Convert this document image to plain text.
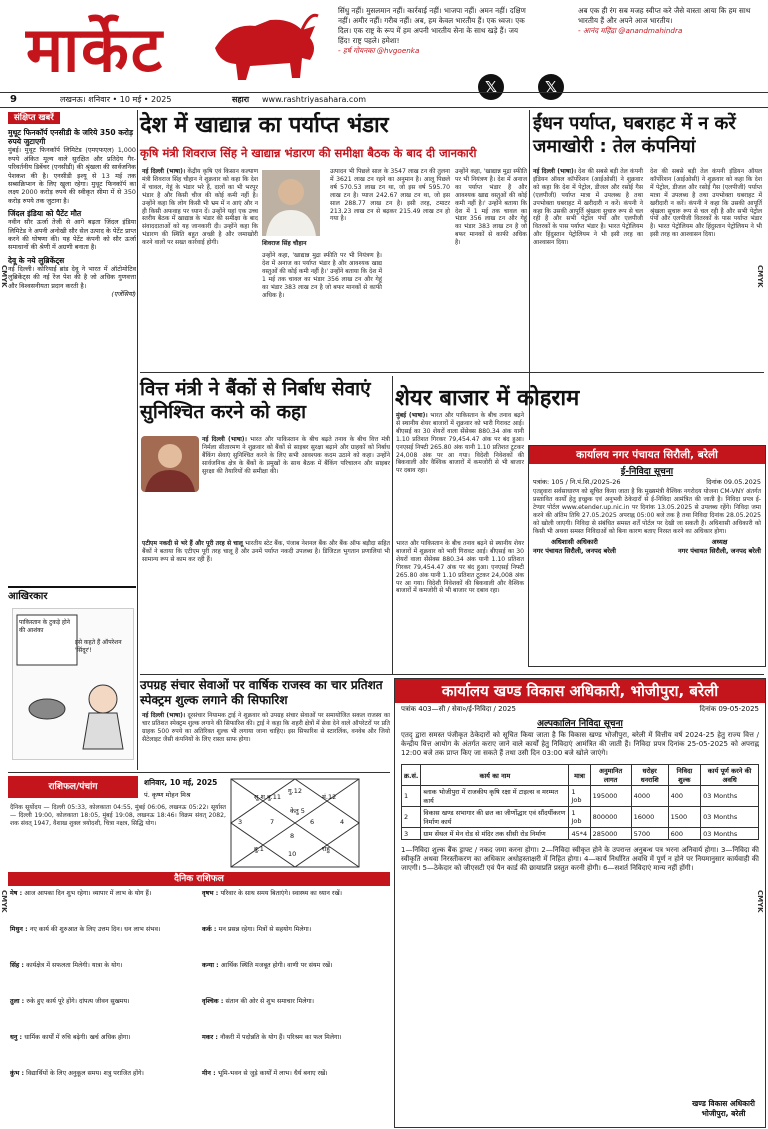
मार्केट
सिंधु नहीं। मुसलमान नहीं। कार्रवाई नहीं। भाजपा नहीं। अमन नहीं। दक्षिण नहीं। अमीर नहीं। गरीब नहीं। अब, हम केवल भारतीय हैं। एक ध्वज। एक दिल। एक राष्ट्र के रूप में हम अपनी भारतीय सेना के साथ खड़े हैं। जय हिंद! राष्ट्र पहले। हमेशा!
- हर्ष गोयनका @hvgoenka
𝕏	𝕏
अब एक ही रंग सब मजह स्वीप्त करे जैसे वास्ता आया कि हम साथ भारतीय हैं और अपने आज भारतीय।
- आनंद महिंद्रा @anandmahindra
9	लखनऊ। शनिवार • 10 मई • 2025	सहारा www.rashtriyasahara.com
संक्षिप्त खबरें
मुथूट फिनकॉर्प एनसीडी के जरिये 350 करोड़ रुपये जुटाएगी
मुंबई। मुथूट फिनकॉर्प लिमिटेड (एमएफएल) 1,000 रुपये अंकित मूल्य वाले सुरक्षित और प्रतिदेय गैर-परिवर्तनीय डिबेंचर (एनसीडी) की श्रृंखला की सार्वजनिक पेशकश की है। एनसीडी इश्यू से 13 मई तक सब्सक्रिप्शन के लिए खुला रहेगा। मुथूट फिनकॉर्प का लक्ष्य 2000 करोड़ रुपये की स्वीकृत सीमा में से 350 करोड़ रुपये तक जुटाना है।
जिंदल इंडिया को पैटेंट मौत
नवीन सौर ऊर्जा तेजी से आगे बढ़ता जिंदल इंडिया लिमिटेड ने अपनी अनोखी सौर सेल उत्पाद के पेटेंट प्राप्त करने की घोषणा की। यह पेटेंट कंपनी को सौर ऊर्जा समाधानों की श्रेणी में अग्रणी बनाता है।
देवू के नये लुब्रिकेंट्स
नई दिल्ली। कोरियाई ब्रांड देवू ने भारत में ऑटोमोटिव लुब्रिकेंट्स की नई रेंज पेश की है जो अधिक गुणवत्ता और विश्वसनीयता प्रदान करती है।
(एजेंसियां)
आखिरकार
पाकिस्तान के टुकड़े होने की आशंका
इसे कहते हैं ऑपरेशन 'सिंदूर'!
देश में खाद्यान्न का पर्याप्त भंडार
कृषि मंत्री शिवराज सिंह ने खाद्यान्न भंडारण की समीक्षा बैठक के बाद दी जानकारी
नई दिल्ली (भाषा)। केंद्रीय कृषि एवं किसान कल्याण मंत्री शिवराज सिंह चौहान ने शुक्रवार को कहा कि देश में चावल, गेहूं के भंडार भरे हैं, दालों का भी भरपूर भंडार है और किसी चीज की कोई कमी नहीं है। उन्होंने कहा कि लोग किसी भी भ्रम में न आएं और न ही किसी अफवाह पर ध्यान दें। उन्होंने यहां एक उच्च स्तरीय बैठक में खाद्यान्न के भंडार की समीक्षा के बाद संवाददाताओं को यह जानकारी दी। उन्होंने कहा कि भंडारण की स्थिति बहुत अच्छी है और जमाखोरी करने वालों पर सख्त कार्रवाई होगी।	शिवराज सिंह चौहान
उन्होंने कहा, 'खाद्यान्न मुद्रा स्फीति पर भी नियंत्रण है। देश में अनाज का पर्याप्त भंडार है और आवश्यक खाद्य वस्तुओं की कोई कमी नहीं है।' उन्होंने बताया कि देश में 1 मई तक चावल का भंडार 356 लाख टन और गेहूं का भंडार 383 लाख टन है जो बफर मानकों से काफी अधिक है।
उत्पादन भी पिछले साल के 3547 लाख टन की तुलना में 3621 लाख टन रहने का अनुमान है। आलू पिछले वर्ष 570.53 लाख टन था, जो इस वर्ष 595.70 लाख टन है। प्याज 242.67 लाख टन था, जो इस साल 288.77 लाख टन है। इसी तरह, टमाटर 213.23 लाख टन से बढ़कर 215.49 लाख टन हो गया है।
उन्होंने कहा, 'खाद्यान्न मुद्रा स्फीति पर भी नियंत्रण है। देश में अनाज का पर्याप्त भंडार है और आवश्यक खाद्य वस्तुओं की कोई कमी नहीं है।' उन्होंने बताया कि देश में 1 मई तक चावल का भंडार 356 लाख टन और गेहूं का भंडार 383 लाख टन है जो बफर मानकों से काफी अधिक है।
ईंधन पर्याप्त, घबराहट में न करें जमाखोरी : तेल कंपनियां
नई दिल्ली (भाषा)। देश की सबसे बड़ी तेल कंपनी इंडियन ऑयल कॉर्पोरेशन (आईओसी) ने शुक्रवार को कहा कि देश में पेट्रोल, डीजल और रसोई गैस (एलपीजी) पर्याप्त मात्रा में उपलब्ध है तथा उपभोक्ता घबराहट में खरीदारी न करें। कंपनी ने कहा कि उसकी आपूर्ति श्रृंखला सुचारु रूप से चल रही है और सभी पेट्रोल पंपों और एलपीजी वितरकों के पास पर्याप्त भंडार है। भारत पेट्रोलियम और हिंदुस्तान पेट्रोलियम ने भी इसी तरह का आश्वासन दिया।
देश की सबसे बड़ी तेल कंपनी इंडियन ऑयल कॉर्पोरेशन (आईओसी) ने शुक्रवार को कहा कि देश में पेट्रोल, डीजल और रसोई गैस (एलपीजी) पर्याप्त मात्रा में उपलब्ध है तथा उपभोक्ता घबराहट में खरीदारी न करें। कंपनी ने कहा कि उसकी आपूर्ति श्रृंखला सुचारु रूप से चल रही है और सभी पेट्रोल पंपों और एलपीजी वितरकों के पास पर्याप्त भंडार है। भारत पेट्रोलियम और हिंदुस्तान पेट्रोलियम ने भी इसी तरह का आश्वासन दिया।
वित्त मंत्री ने बैंकों से निर्बाध सेवाएं सुनिश्चित करने को कहा
नई दिल्ली (भाषा)। भारत और पाकिस्तान के बीच बढ़ते तनाव के बीच वित्त मंत्री निर्मला सीतारमण ने शुक्रवार को बैंकों से साइबर सुरक्षा बढ़ाने और ग्राहकों को निर्बाध बैंकिंग सेवाएं सुनिश्चित करने के लिए सभी आवश्यक कदम उठाने को कहा। उन्होंने सार्वजनिक क्षेत्र के बैंकों के प्रमुखों के साथ बैठक में बैंकिंग परिचालन और साइबर सुरक्षा की तैयारियों की समीक्षा की।
एटीएम नकदी से भरे हैं और पूरी तरह से चालू भारतीय स्टेट बैंक, पंजाब नेशनल बैंक और बैंक ऑफ बड़ौदा सहित बैंकों ने बताया कि एटीएम पूरी तरह चालू हैं और उनमें पर्याप्त नकदी उपलब्ध है। डिजिटल भुगतान प्रणालियां भी सामान्य रूप से काम कर रही हैं।
शेयर बाजार में कोहराम
मुंबई (भाषा)। भारत और पाकिस्तान के बीच तनाव बढ़ने से स्थानीय शेयर बाजारों में शुक्रवार को भारी गिरावट आई। बीएसई का 30 शेयरों वाला सेंसेक्स 880.34 अंक यानी 1.10 प्रतिशत गिरकर 79,454.47 अंक पर बंद हुआ। एनएसई निफ्टी 265.80 अंक यानी 1.10 प्रतिशत टूटकर 24,008 अंक पर आ गया। विदेशी निवेशकों की बिकवाली और वैश्विक बाजारों में कमजोरी से भी बाजार पर दबाव रहा।
भारत और पाकिस्तान के बीच तनाव बढ़ने से स्थानीय शेयर बाजारों में शुक्रवार को भारी गिरावट आई। बीएसई का 30 शेयरों वाला सेंसेक्स 880.34 अंक यानी 1.10 प्रतिशत गिरकर 79,454.47 अंक पर बंद हुआ। एनएसई निफ्टी 265.80 अंक यानी 1.10 प्रतिशत टूटकर 24,008 अंक पर आ गया। विदेशी निवेशकों की बिकवाली और वैश्विक बाजारों में कमजोरी से भी बाजार पर दबाव रहा।
कार्यालय नगर पंचायत सिरौली, बरेली
ई-निविदा सूचना
पत्रांक: 105 / नि.पं.सि./2025-26	दिनांक 09.05.2025
एतद्द्वारा सर्वसाधारण को सूचित किया जाता है कि मुख्यमंत्री वैश्विक नगरोदय योजना CM-VNY अंतर्गत प्रस्तावित कार्यों हेतु इच्छुक एवं अनुभवी ठेकेदारों से ई-निविदा आमंत्रित की जाती है। निविदा प्रपत्र ई-टेण्डर पोर्टल www.etender.up.nic.in पर दिनांक 13.05.2025 से उपलब्ध रहेंगे। निविदा जमा करने की अंतिम तिथि 27.05.2025 अपराह्न 05:00 बजे तक है तथा निविदा दिनांक 28.05.2025 को खोली जाएगी। निविदा से संबंधित समस्त शर्तें पोर्टल पर देखी जा सकती हैं। अधिशासी अधिकारी को किसी भी अथवा समस्त निविदाओं को बिना कारण बताए निरस्त करने का अधिकार होगा।
अधिशासी अधिकारी
नगर पंचायत सिरौली, जनपद बरेली
अध्यक्ष
नगर पंचायत सिरौली, जनपद बरेली
उपग्रह संचार सेवाओं पर वार्षिक राजस्व का चार प्रतिशत स्पेक्ट्रम शुल्क लगाने की सिफारिश
नई दिल्ली (भाषा)। दूरसंचार नियामक ट्राई ने शुक्रवार को उपग्रह संचार सेवाओं पर समायोजित सकल राजस्व का चार प्रतिशत स्पेक्ट्रम शुल्क लगाने की सिफारिश की। ट्राई ने कहा कि शहरी क्षेत्रों में सेवा देने वाले ऑपरेटरों पर प्रति ग्राहक 500 रुपये का अतिरिक्त शुल्क भी लगाया जाना चाहिए। इस सिफारिश से स्टारलिंक, वनवेब और जियो सैटेलाइट जैसी कंपनियों के लिए रास्ता साफ होगा।
कार्यालय खण्ड विकास अधिकारी, भोजीपुरा, बरेली
पत्रांक 403—सी / सेवा०/ई-निविदा / 2025	दिनांक 09-05-2025
अल्पकालिन निविदा सूचना
एतद् द्वारा समस्त पंजीकृत ठेकेदारों को सूचित किया जाता है कि विकास खण्ड भोजीपुरा, बरेली में वित्तीय वर्ष 2024-25 हेतु राज्य वित्त / केन्द्रीय वित्त आयोग के अंतर्गत कराए जाने वाले कार्यों हेतु निविदाएं आमंत्रित की जाती हैं। निविदा प्रपत्र दिनांक 25-05-2025 को अपराह्न 12:00 बजे तक प्राप्त किए जा सकते हैं तथा उसी दिन 03:00 बजे खोले जाएंगे।
क्र.सं.	कार्य का नाम	मात्रा	अनुमानित लागत	धरोहर धनराशि	निविदा शुल्क	कार्य पूर्ण करने की अवधि
1	ब्लाक भोजीपुरा में राजकीय कृषि रक्षा में टाइल्स व मरम्मत कार्य	1 Job	195000	4000	400	03 Months
2	विकास खण्ड सभागार की छत का जीर्णोद्धार एवं सौंदर्यीकरण निर्माण कार्य	1 Job	800000	16000	1500	03 Months
3	ग्राम सेंथल में मेन रोड से मंदिर तक सीसी रोड निर्माण	45*4	285000	5700	600	03 Months
1—निविदा शुल्क बैंक ड्राफ्ट / नकद जमा करना होगा। 2—निविदा स्वीकृत होने के उपरान्त अनुबन्ध पत्र भरना अनिवार्य होगा। 3—निविदा की स्वीकृति अथवा निरस्तीकरण का अधिकार अधोहस्ताक्षरी में निहित होगा। 4—कार्य निर्धारित अवधि में पूर्ण न होने पर नियमानुसार कार्यवाही की जाएगी। 5—ठेकेदार को जीएसटी एवं पैन कार्ड की छायाप्रति प्रस्तुत करनी होगी। 6—सशर्त निविदाएं मान्य नहीं होंगी।
खण्ड विकास अधिकारी
भोजीपुरा, बरेली
राशिफल/पंचांग	शनिवार, 10 मई, 2025
पं. कृष्ण मोहन मिश्र	गु.12
सू.श.बु.11
3
बु.1
10
राहु
4
मं.12
7	6
केतु 5
8
दैनिक सूर्योदय — दिल्ली 05:33, कोलकाता 04:55, मुंबई 06:06, लखनऊ 05:22। सूर्यास्त — दिल्ली 19:00, कोलकाता 18:05, मुंबई 19:08, लखनऊ 18:46। विक्रम संवत् 2082, शक संवत् 1947, वैशाख शुक्ल त्रयोदशी, चित्रा नक्षत्र, सिद्धि योग।
दैनिक राशिफल
मेष : आज आपका दिन शुभ रहेगा। व्यापार में लाभ के योग हैं।	वृषभ : परिवार के साथ समय बिताएंगे। स्वास्थ्य का ध्यान रखें।
मिथुन : नए कार्य की शुरुआत के लिए उत्तम दिन। धन लाभ संभव।	कर्क : मन प्रसन्न रहेगा। मित्रों से सहयोग मिलेगा।
सिंह : कार्यक्षेत्र में सफलता मिलेगी। यात्रा के योग।	कन्या : आर्थिक स्थिति मजबूत होगी। वाणी पर संयम रखें।
तुला : रुके हुए कार्य पूरे होंगे। दांपत्य जीवन सुखमय।	वृश्चिक : संतान की ओर से शुभ समाचार मिलेगा।
धनु : धार्मिक कार्यों में रुचि बढ़ेगी। खर्च अधिक होगा।	मकर : नौकरी में पदोन्नति के योग हैं। परिश्रम का फल मिलेगा।
कुंभ : विद्यार्थियों के लिए अनुकूल समय। शत्रु पराजित होंगे।	मीन : भूमि-भवन से जुड़े कार्यों में लाभ। धैर्य बनाए रखें।
CMYK	CMYK
CMYK	CMYK
